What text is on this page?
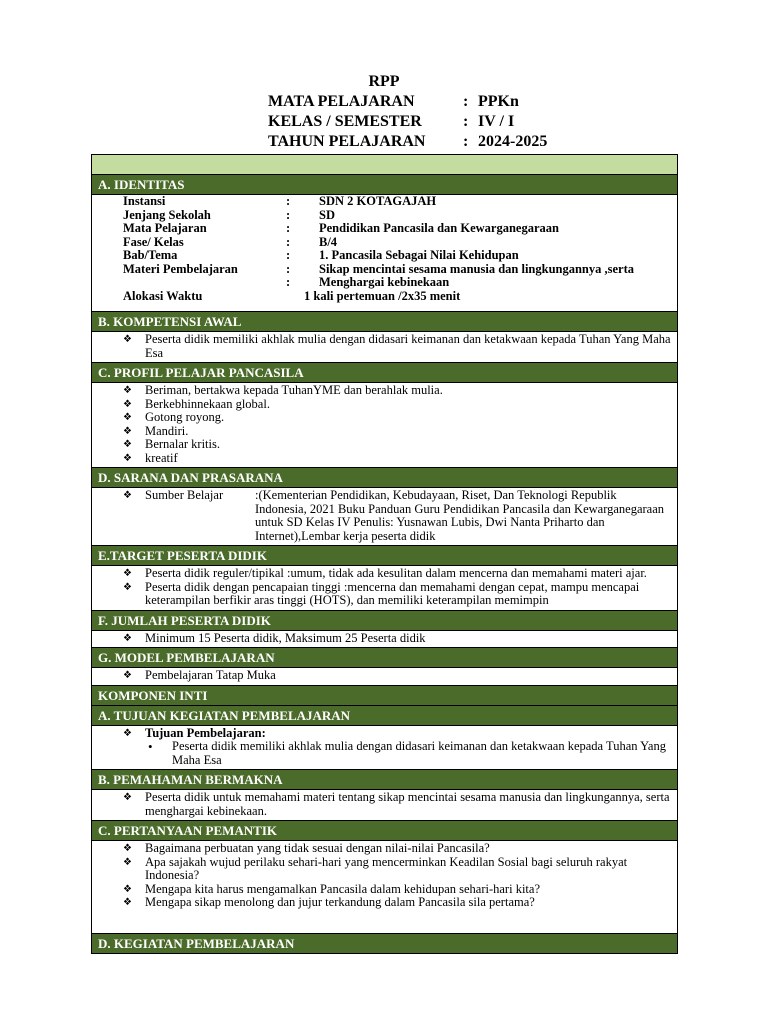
RPP
MATA PELAJARAN	: PPKn
KELAS / SEMESTER	: IV / I
TAHUN PELAJARAN : 2024-2025

A. IDENTITAS

Instansi	: SDN 2 KOTAGAJAH
Jenjang Sekolah	: SD
Mata Pelajaran	: Pendidikan Pancasila dan Kewarganegaraan
Fase/ Kelas	: B/4
Bab/Tema	: 1. Pancasila Sebagai Nilai Kehidupan
Materi Pembelajaran	: Sikap mencintai sesama manusia dan lingkungannya ,serta
: Menghargai kebinekaan
Alokasi Waktu	1 kali pertemuan /2x35 menit

B. KOMPETENSI AWAL

❖ Peserta didik memiliki akhlak mulia dengan didasari keimanan dan ketakwaan kepada Tuhan Yang Maha Esa

C. PROFIL PELAJAR PANCASILA

❖ Beriman, bertakwa kepada TuhanYME dan berahlak mulia.
❖ Berkebhinnekaan global.
❖ Gotong royong.
❖ Mandiri.
❖ Bernalar kritis.
❖ kreatif

D. SARANA DAN PRASARANA

❖ Sumber Belajar	:(Kementerian Pendidikan, Kebudayaan, Riset, Dan Teknologi Republik Indonesia, 2021 Buku Panduan Guru Pendidikan Pancasila dan Kewarganegaraan untuk SD Kelas IV Penulis: Yusnawan Lubis, Dwi Nanta Priharto dan Internet),Lembar kerja peserta didik

E.TARGET PESERTA DIDIK

❖ Peserta didik reguler/tipikal :umum, tidak ada kesulitan dalam mencerna dan memahami materi ajar.
❖ Peserta didik dengan pencapaian tinggi :mencerna dan memahami dengan cepat, mampu mencapai keterampilan berfikir aras tinggi (HOTS), dan memiliki keterampilan memimpin

F. JUMLAH PESERTA DIDIK

❖ Minimum 15 Peserta didik, Maksimum 25 Peserta didik

G. MODEL PEMBELAJARAN

❖ Pembelajaran Tatap Muka

KOMPONEN INTI
A. TUJUAN KEGIATAN PEMBELAJARAN

❖ Tujuan Pembelajaran:
• Peserta didik memiliki akhlak mulia dengan didasari keimanan dan ketakwaan kepada Tuhan Yang Maha Esa

B. PEMAHAMAN BERMAKNA

❖ Peserta didik untuk memahami materi tentang sikap mencintai sesama manusia dan lingkungannya, serta menghargai kebinekaan.

C. PERTANYAAN PEMANTIK

❖ Bagaimana perbuatan yang tidak sesuai dengan nilai-nilai Pancasila?
❖ Apa sajakah wujud perilaku sehari-hari yang mencerminkan Keadilan Sosial bagi seluruh rakyat Indonesia?
❖ Mengapa kita harus mengamalkan Pancasila dalam kehidupan sehari-hari kita?
❖ Mengapa sikap menolong dan jujur terkandung dalam Pancasila sila pertama?

D. KEGIATAN PEMBELAJARAN
